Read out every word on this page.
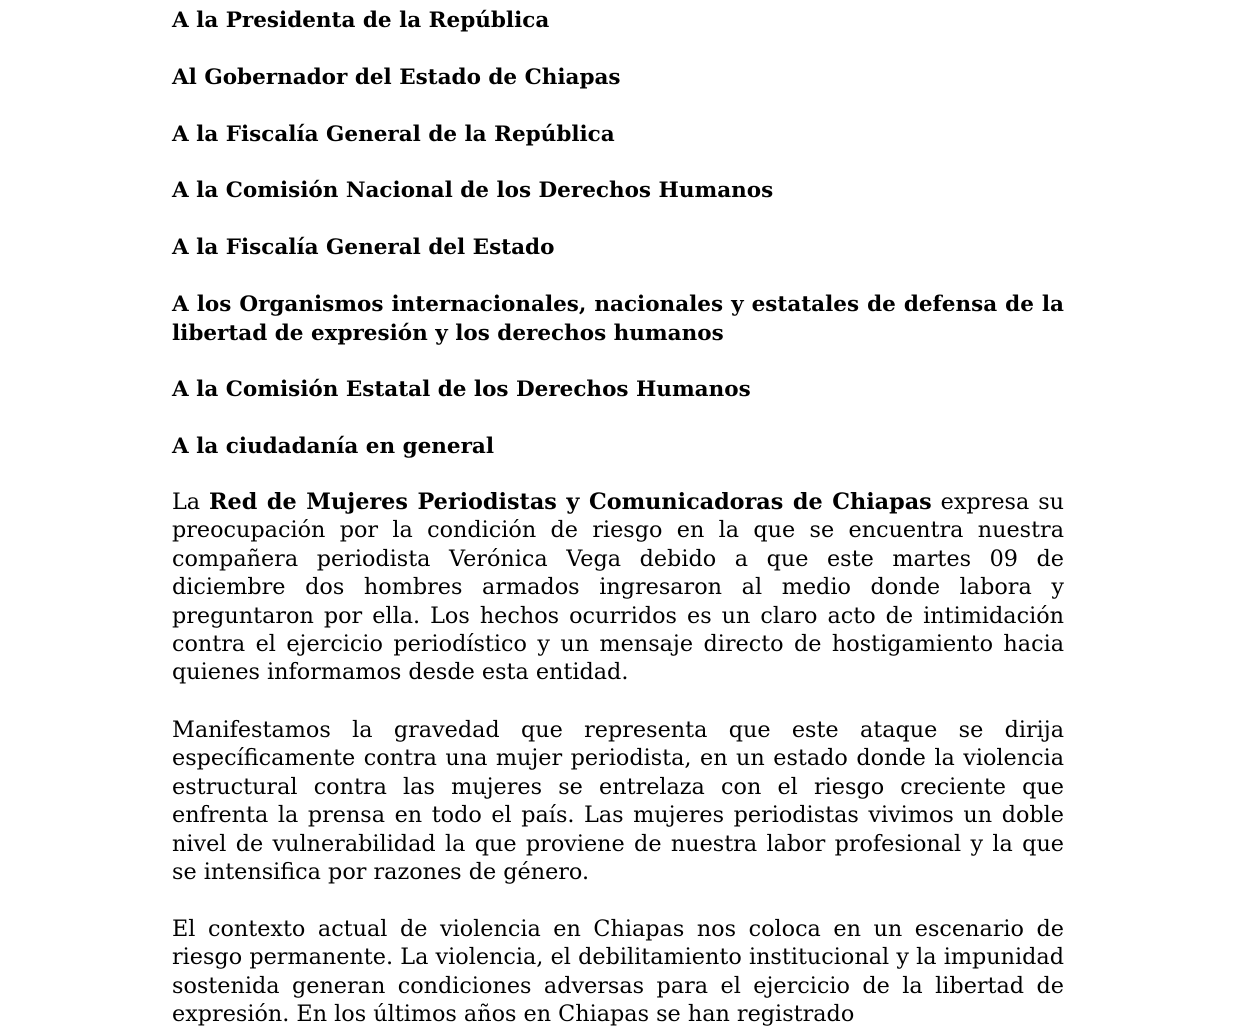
A la Presidenta de la República

Al Gobernador del Estado de Chiapas

A la Fiscalía General de la República

A la Comisión Nacional de los Derechos Humanos

A la Fiscalía General del Estado

A los Organismos internacionales, nacionales y estatales de defensa de la libertad de expresión y los derechos humanos

A la Comisión Estatal de los Derechos Humanos

A la ciudadanía en general

La Red de Mujeres Periodistas y Comunicadoras de Chiapas expresa su preocupación por la condición de riesgo en la que se encuentra nuestra compañera periodista Verónica Vega debido a que este martes 09 de diciembre dos hombres armados ingresaron al medio donde labora y preguntaron por ella. Los hechos ocurridos es un claro acto de intimidación contra el ejercicio periodístico y un mensaje directo de hostigamiento hacia quienes informamos desde esta entidad.

Manifestamos la gravedad que representa que este ataque se dirija específicamente contra una mujer periodista, en un estado donde la violencia estructural contra las mujeres se entrelaza con el riesgo creciente que enfrenta la prensa en todo el país. Las mujeres periodistas vivimos un doble nivel de vulnerabilidad la que proviene de nuestra labor profesional y la que se intensifica por razones de género.

El contexto actual de violencia en Chiapas nos coloca en un escenario de riesgo permanente. La violencia, el debilitamiento institucional y la impunidad sostenida generan condiciones adversas para el ejercicio de la libertad de expresión. En los últimos años en Chiapas se han registrado
